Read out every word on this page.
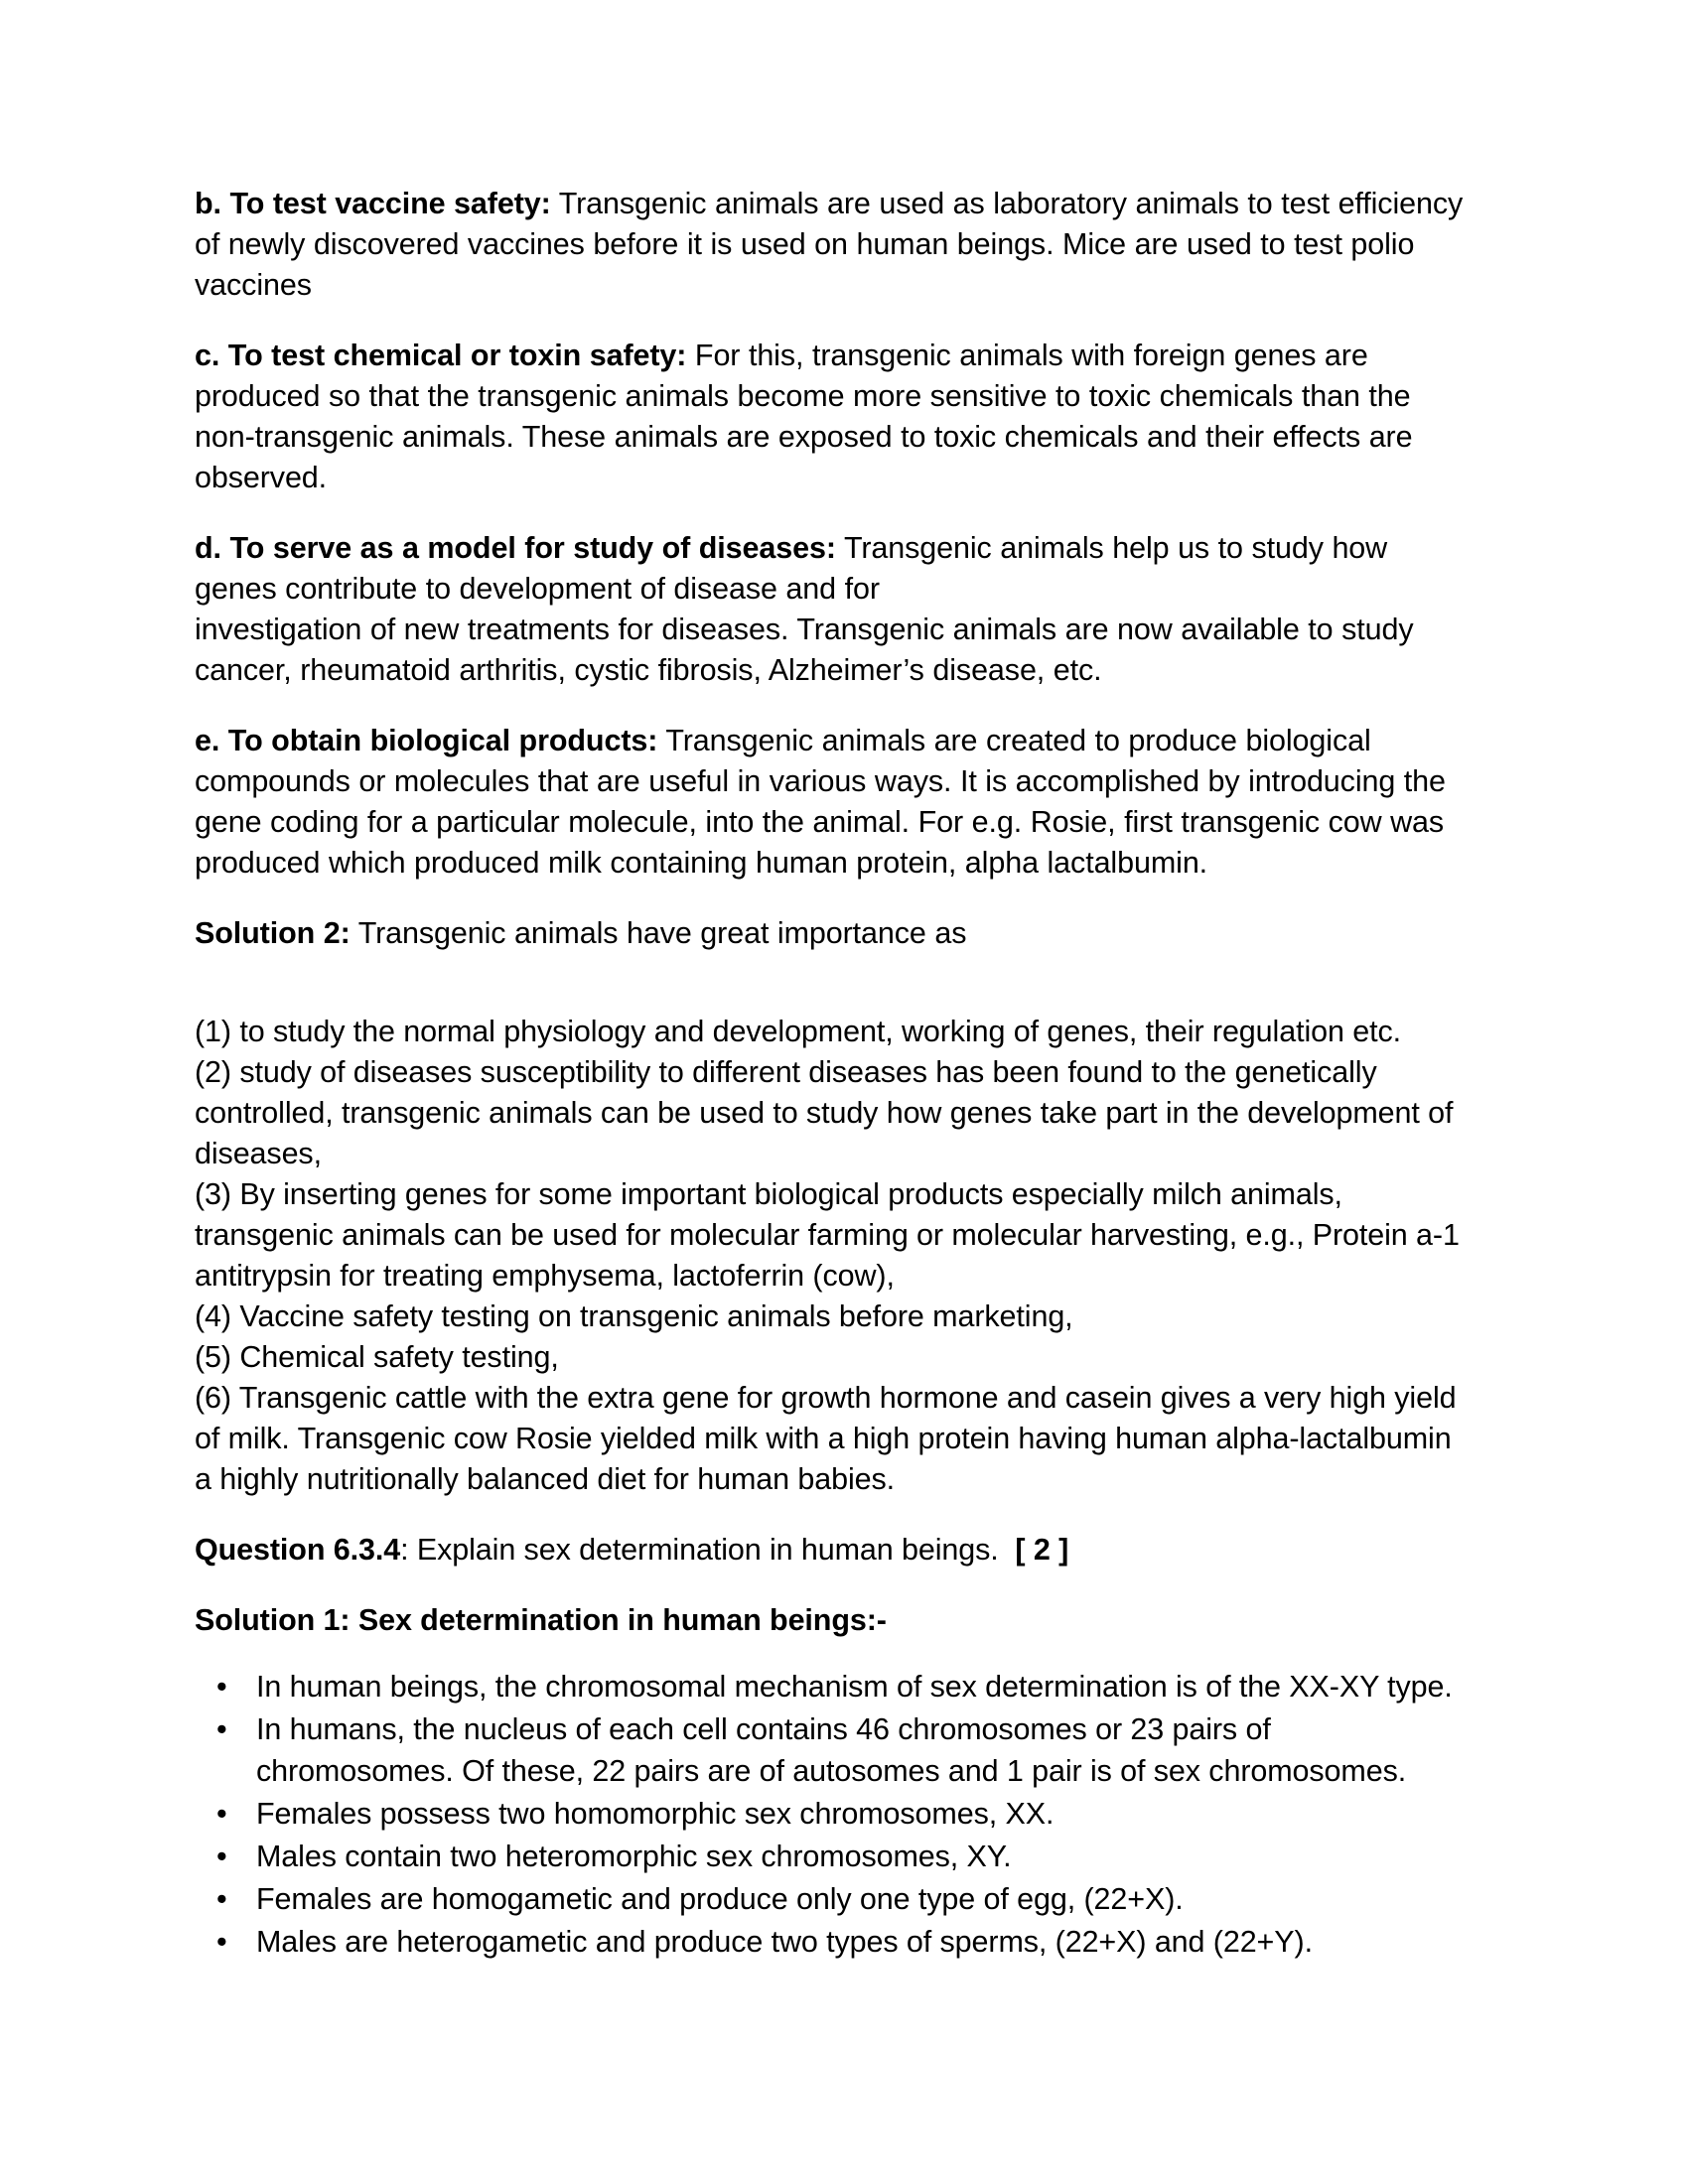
b. To test vaccine safety: Transgenic animals are used as laboratory animals to test efficiency of newly discovered vaccines before it is used on human beings. Mice are used to test polio vaccines

c. To test chemical or toxin safety: For this, transgenic animals with foreign genes are produced so that the transgenic animals become more sensitive to toxic chemicals than the non-transgenic animals. These animals are exposed to toxic chemicals and their effects are observed.

d. To serve as a model for study of diseases: Transgenic animals help us to study how genes contribute to development of disease and for
investigation of new treatments for diseases. Transgenic animals are now available to study cancer, rheumatoid arthritis, cystic fibrosis, Alzheimer’s disease, etc.

e. To obtain biological products: Transgenic animals are created to produce biological compounds or molecules that are useful in various ways. It is accomplished by introducing the gene coding for a particular molecule, into the animal. For e.g. Rosie, first transgenic cow was produced which produced milk containing human protein, alpha lactalbumin.

Solution 2: Transgenic animals have great importance as

(1) to study the normal physiology and development, working of genes, their regulation etc.
(2) study of diseases susceptibility to different diseases has been found to the genetically controlled, transgenic animals can be used to study how genes take part in the development of diseases,
(3) By inserting genes for some important biological products especially milch animals, transgenic animals can be used for molecular farming or molecular harvesting, e.g., Protein a-1 antitrypsin for treating emphysema, lactoferrin (cow),
(4) Vaccine safety testing on transgenic animals before marketing,
(5) Chemical safety testing,
(6) Transgenic cattle with the extra gene for growth hormone and casein gives a very high yield of milk. Transgenic cow Rosie yielded milk with a high protein having human alpha-lactalbumin a highly nutritionally balanced diet for human babies.

Question 6.3.4: Explain sex determination in human beings. [ 2 ]

Solution 1: Sex determination in human beings:-

• In human beings, the chromosomal mechanism of sex determination is of the XX-XY type.
• In humans, the nucleus of each cell contains 46 chromosomes or 23 pairs of chromosomes. Of these, 22 pairs are of autosomes and 1 pair is of sex chromosomes.
• Females possess two homomorphic sex chromosomes, XX.
• Males contain two heteromorphic sex chromosomes, XY.
• Females are homogametic and produce only one type of egg, (22+X).
• Males are heterogametic and produce two types of sperms, (22+X) and (22+Y).
